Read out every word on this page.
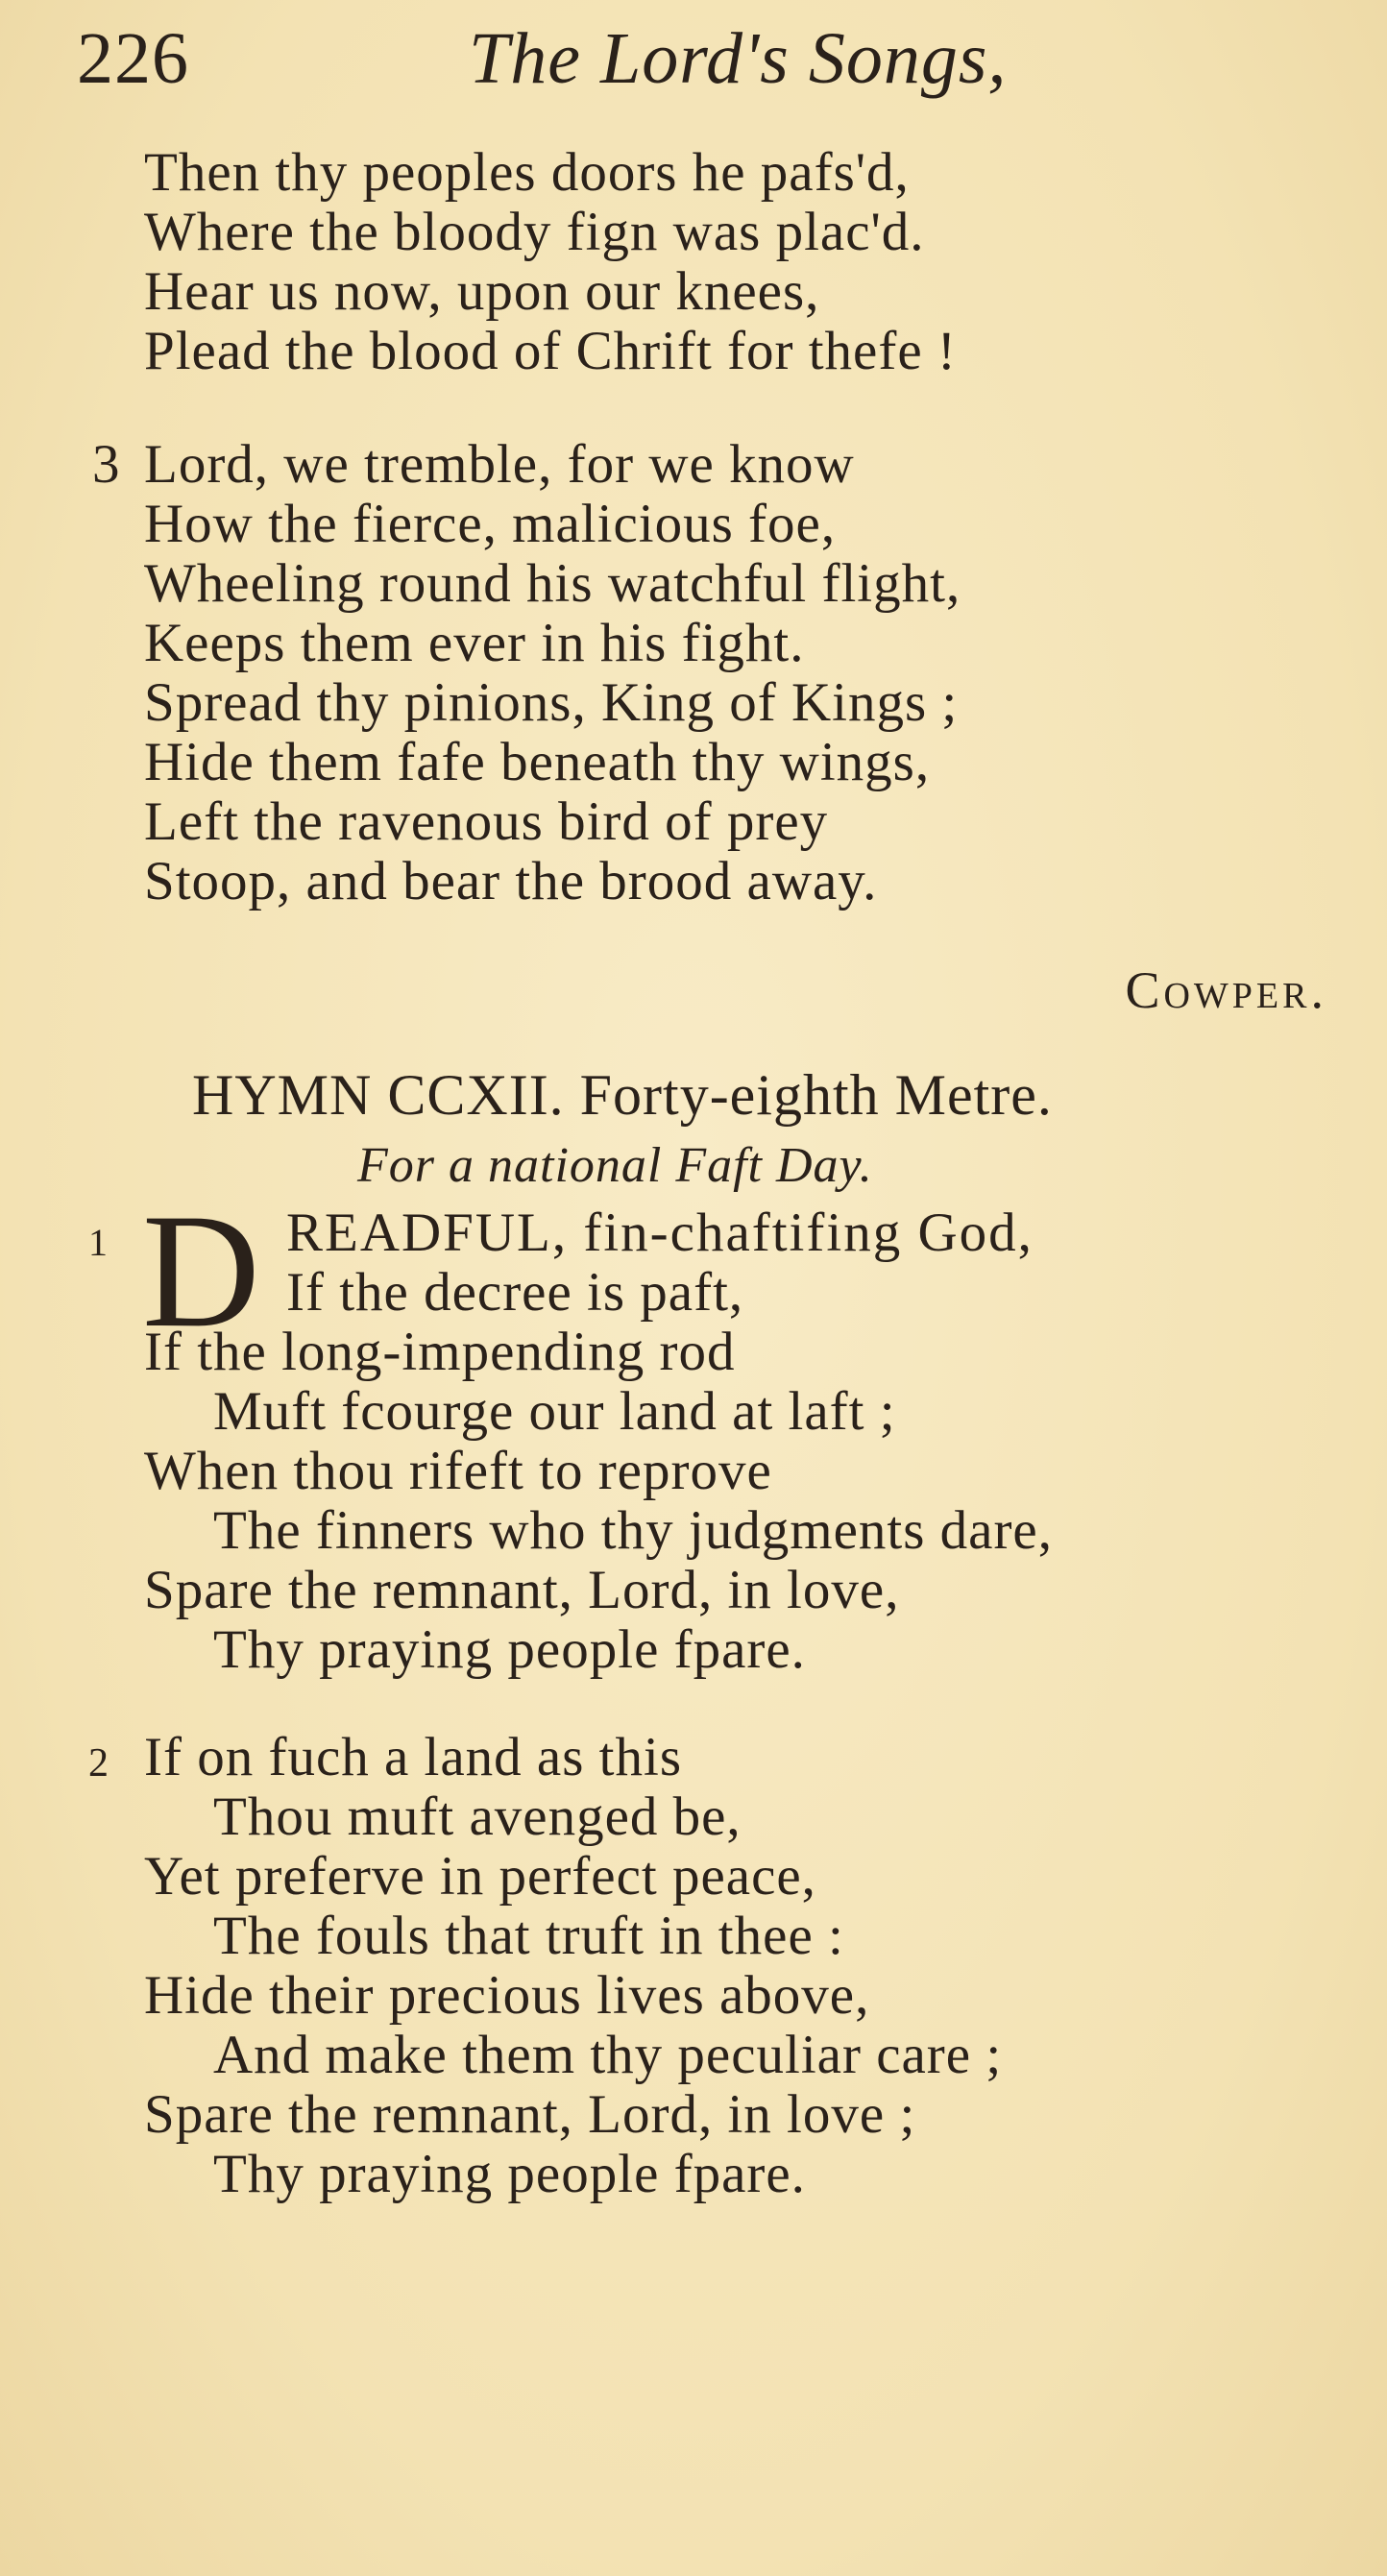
226	The Lord's Songs,
Then thy peoples doors he pafs'd,
Where the bloody fign was plac'd.
Hear us now, upon our knees,
Plead the blood of Chrift for thefe !
3 Lord, we tremble, for we know
How the fierce, malicious foe,
Wheeling round his watchful flight,
Keeps them ever in his fight.
Spread thy pinions, King of Kings ;
Hide them fafe beneath thy wings,
Left the ravenous bird of prey
Stoop, and bear the brood away.
Cowper.
HYMN CCXII. Forty-eighth Metre.
For a national Faft Day.
1 D READFUL, fin-chaftifing God,
If the decree is paft,
If the long-impending rod
Muft fcourge our land at laft ;
When thou rifeft to reprove
The finners who thy judgments dare,
Spare the remnant, Lord, in love,
Thy praying people fpare.
2 If on fuch a land as this
Thou muft avenged be,
Yet preferve in perfect peace,
The fouls that truft in thee :
Hide their precious lives above,
And make them thy peculiar care ;
Spare the remnant, Lord, in love ;
Thy praying people fpare.
